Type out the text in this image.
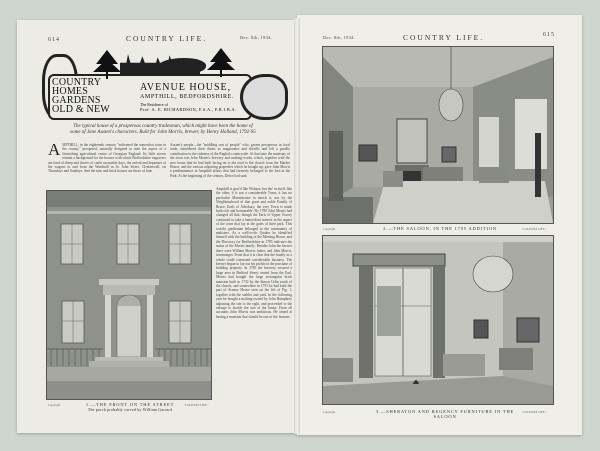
614	COUNTRY LIFE.	Dec. 8th, 1934.	Dec. 8th, 1934.	COUNTRY LIFE.	615
COUNTRY
HOMES
GARDENS
OLD & NEW
AVENUE HOUSE,
AMPTHILL, BEDFORDSHIRE.
The Residence of
Prof. A. E. RICHARDSON, F.S.A., F.R.I.B.A.
The typical house of a prosperous country tradesman, which might have been the home of some of Jane Austen's characters. Built for John Morris, brewer, by Henry Holland, 1792-95
AMPTHILL, in the eighteenth century "enlivened the somewhat town in the county," prospered, naturally designed to note the aspect of a flourishing agricultural centre of Georgian England. Its little streets remain a background for the houses with which Bedfordshire engravers are fond of sheep and droves of cattle on market days, the arrival and departure of the wagons to and from the Windmill in St. John Street, Clerkenwell, on Thursdays and Sundays. And the trim and brick houses are those of Jane
Austen's people—the "middling sort of people" who, grown prosperous in local trade, shouldered their duties as magistrates and sheriffs and left a goodly contribution to the richness of the English countryside. At that time the mainstay of the town was John Morris's brewery and malting-works, which, together with the new house that he had built facing on to the road to the church from the Market House, and the various adjoining properties which he bought up, gave John Morris a predominance in Ampthill affairs that had formerly belonged to the lord at the Park. At the beginning of the century, Defoe had said:
Ampthill is grac'd like Woburn, but tho' in itself, like the other, it is not a considerable Town; it has no particular Manufacture to enrich it, nor by the Neighbourhood of that great and noble Family of Bruce, Earls of Ailesbury, the very Town is made both rich and honourable. By 1780 John Morris had changed all that, though the Earls of Upper Ossory continued to take a benevolent interest in the aspect of the town that lay at the gates of their park. This worthy gentleman belonged to the community of maltsters. As a well-to-do Quaker he identified himself with the building of the Meeting House, and the Directory for Bedfordshire in 1785 indicates the status of the Morris family. Besides John the brewer there were William Morris, baker, and John Morris, ironmonger. From that it is clear that the family as a whole could command considerable business. The brewer began to lay out his profits in the purchase of building property. In 1785 the brewery secured a large area in Bedford Street, rented from the Earl. Morris had bought the large rectangular brick mansion built in 1732 by the Simon Urlin south of the church, and somewhere in 1791 he had built the part of Avenue House seen on the left of Fig. 1, together with the stables and yard. In the following year he bought a malting owned by John Humphrey adjoining the site to the right, and proceeded to the enlarge to double the size of the house. From all accounts John Morris was ambitious. He aimed at having a mansion that should be one of the features
Copyright	1.—THE FRONT ON THE STREET
The porch probably carved by William Garrard
"COUNTRY LIFE."
Copyright	2.—THE SALOON, IN THE 1795 ADDITION	"COUNTRY LIFE."
Copyright	3.—SHERATON AND REGENCY FURNITURE IN THE SALOON
"COUNTRY LIFE."
